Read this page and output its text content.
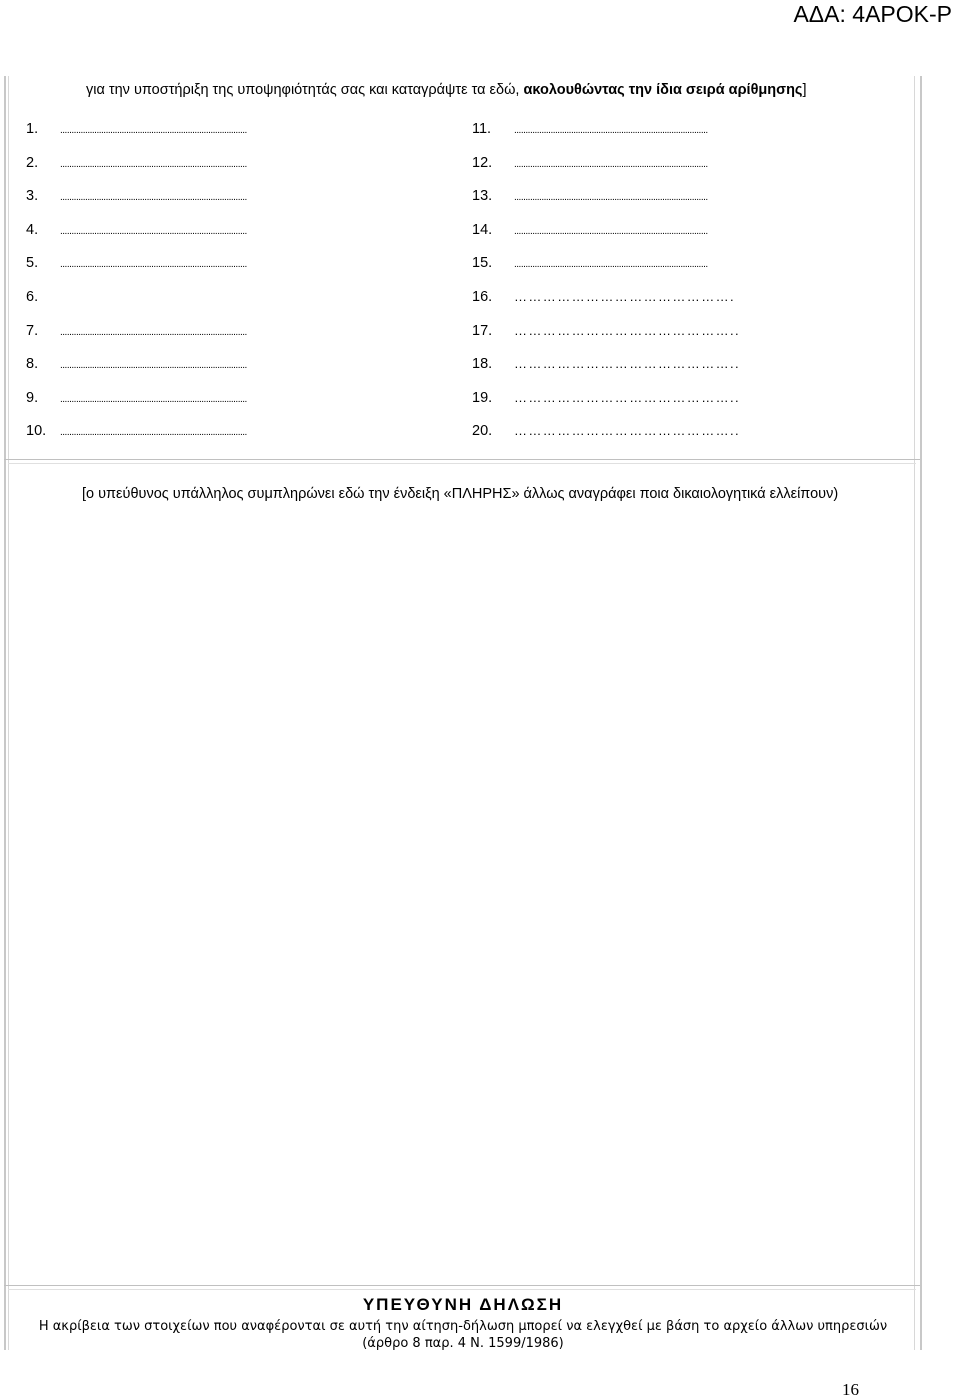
ΑΔΑ: 4ΑΡΟΚ-Ρ
για την υποστήριξη της υποψηφιότητάς σας και καταγράψτε τα εδώ, ακολουθώντας την ίδια σειρά αρίθμησης]
1.	..................................................................................
2.	..................................................................................
3.	..................................................................................
4.	..................................................................................
5.	..................................................................................
6.
7.	..................................................................................
8.	..................................................................................
9.	..................................................................................
10.	..................................................................................
11.	.....................................................................................
12.	.....................................................................................
13.	.....................................................................................
14.	.....................................................................................
15.	.....................................................................................
16.	……………………………………….
17.	………………………………………..
18.	………………………………………..
19.	………………………………………..
20.	………………………………………..
[ο υπεύθυνος υπάλληλος συμπληρώνει εδώ την ένδειξη «ΠΛΗΡΗΣ» άλλως αναγράφει ποια δικαιολογητικά ελλείπουν)
ΥΠΕΥΘΥΝΗ ΔΗΛΩΣΗ
Η ακρίβεια των στοιχείων που αναφέρονται σε αυτή την αίτηση-δήλωση μπορεί να ελεγχθεί με βάση το αρχείο άλλων υπηρεσιών
(άρθρο 8 παρ. 4 Ν. 1599/1986)
16
